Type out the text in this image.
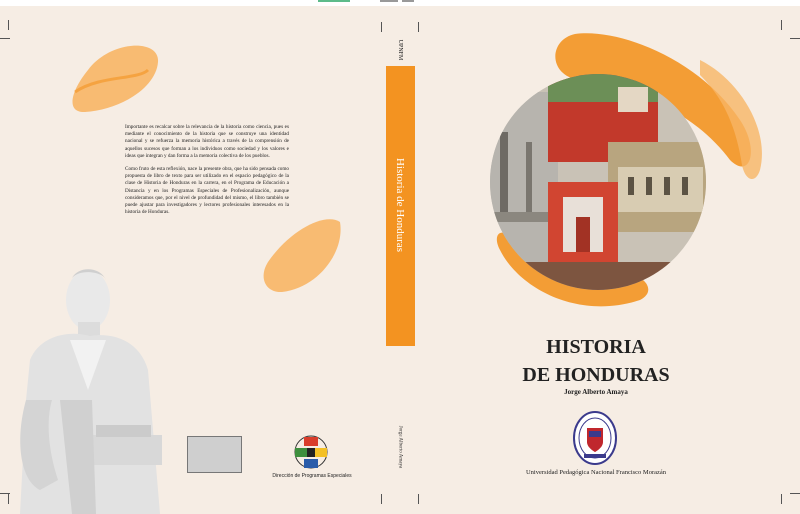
Importante es recalcar sobre la relevancia de la historia como ciencia, pues es mediante el conocimiento de la historia que se construye una identidad nacional y se refuerza la memoria histórica a través de la comprensión de aquellos sucesos que forman a los individuos como sociedad y los valores e ideas que integran y dan forma a la memoria colectiva de los pueblos.

Como fruto de esta reflexión, nace la presente obra, que ha sido pensada como propuesta de libro de texto para ser utilizado en el espacio pedagógico de la clase de Historia de Honduras en la carrera, en el Programa de Educación a Distancia y en los Programas Especiales de Profesionalización, aunque consideramos que, por el nivel de profundidad del mismo, el libro también se puede ajustar para investigadores y lectores profesionales interesados en la historia de Honduras.

Dirección de Programas Especiales
UPNFM
Historia de Honduras
Jorge Alberto Amaya
HISTORIA
DE HONDURAS
Jorge Alberto Amaya
Universidad Pedagógica Nacional Francisco Morazán
